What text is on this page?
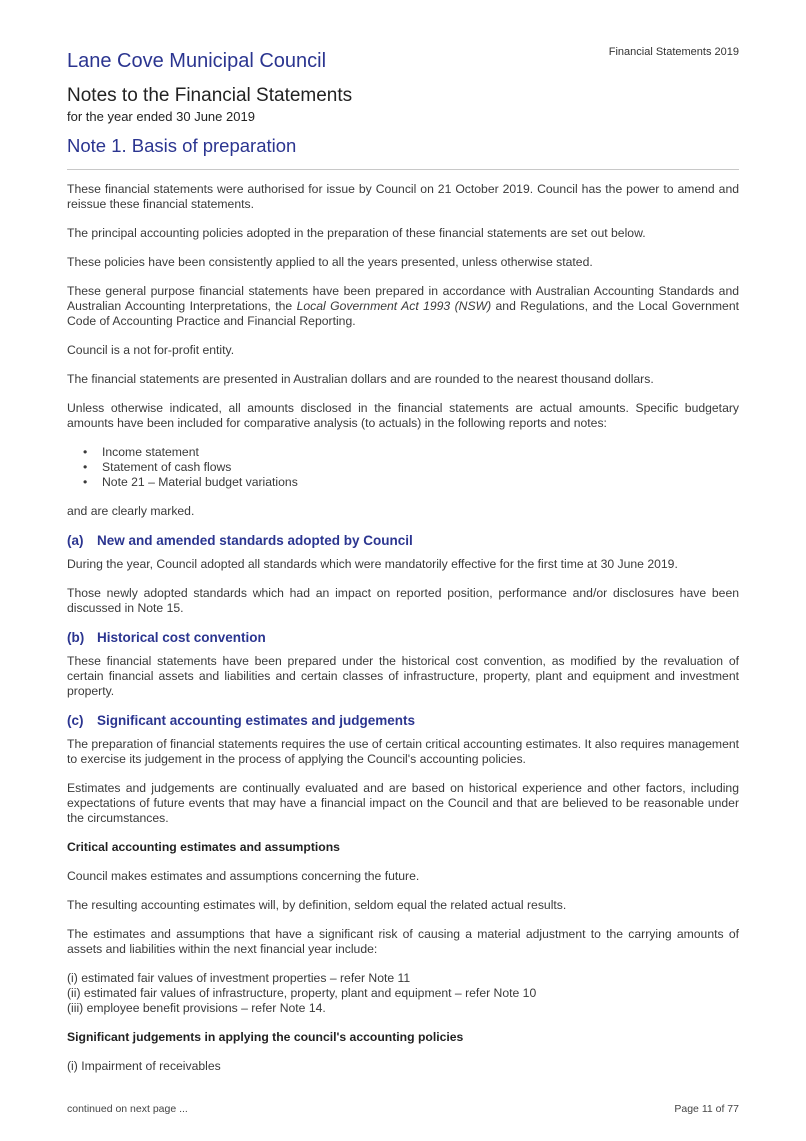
Financial Statements 2019
Lane Cove Municipal Council
Notes to the Financial Statements
for the year ended 30 June 2019
Note 1. Basis of preparation

These financial statements were authorised for issue by Council on 21 October 2019. Council has the power to amend and reissue these financial statements.

The principal accounting policies adopted in the preparation of these financial statements are set out below.

These policies have been consistently applied to all the years presented, unless otherwise stated.

These general purpose financial statements have been prepared in accordance with Australian Accounting Standards and Australian Accounting Interpretations, the Local Government Act 1993 (NSW) and Regulations, and the Local Government Code of Accounting Practice and Financial Reporting.

Council is a not for-profit entity.

The financial statements are presented in Australian dollars and are rounded to the nearest thousand dollars.

Unless otherwise indicated, all amounts disclosed in the financial statements are actual amounts. Specific budgetary amounts have been included for comparative analysis (to actuals) in the following reports and notes:

• Income statement
• Statement of cash flows
• Note 21 – Material budget variations

and are clearly marked.

(a) New and amended standards adopted by Council

During the year, Council adopted all standards which were mandatorily effective for the first time at 30 June 2019.

Those newly adopted standards which had an impact on reported position, performance and/or disclosures have been discussed in Note 15.

(b) Historical cost convention

These financial statements have been prepared under the historical cost convention, as modified by the revaluation of certain financial assets and liabilities and certain classes of infrastructure, property, plant and equipment and investment property.

(c) Significant accounting estimates and judgements

The preparation of financial statements requires the use of certain critical accounting estimates. It also requires management to exercise its judgement in the process of applying the Council's accounting policies.

Estimates and judgements are continually evaluated and are based on historical experience and other factors, including expectations of future events that may have a financial impact on the Council and that are believed to be reasonable under the circumstances.

Critical accounting estimates and assumptions

Council makes estimates and assumptions concerning the future.

The resulting accounting estimates will, by definition, seldom equal the related actual results.

The estimates and assumptions that have a significant risk of causing a material adjustment to the carrying amounts of assets and liabilities within the next financial year include:

(i) estimated fair values of investment properties – refer Note 11

(ii) estimated fair values of infrastructure, property, plant and equipment – refer Note 10

(iii) employee benefit provisions – refer Note 14.

Significant judgements in applying the council's accounting policies

(i) Impairment of receivables

continued on next page ...	Page 11 of 77
